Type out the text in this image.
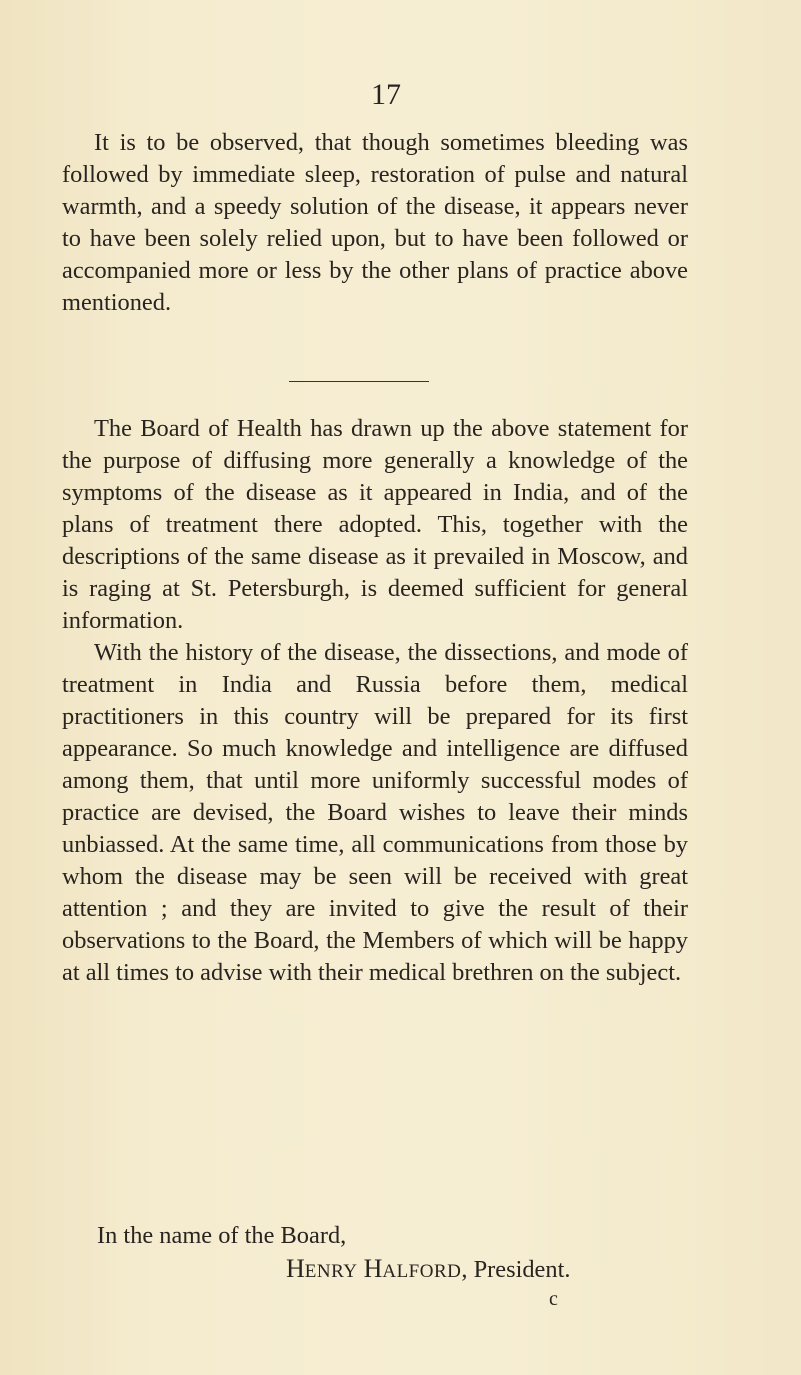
17

It is to be observed, that though sometimes bleeding was followed by immediate sleep, restoration of pulse and natural warmth, and a speedy solution of the disease, it appears never to have been solely relied upon, but to have been followed or accompanied more or less by the other plans of practice above mentioned.

The Board of Health has drawn up the above statement for the purpose of diffusing more generally a knowledge of the symptoms of the disease as it appeared in India, and of the plans of treatment there adopted. This, together with the descriptions of the same disease as it prevailed in Moscow, and is raging at St. Petersburgh, is deemed sufficient for general information.

With the history of the disease, the dissections, and mode of treatment in India and Russia before them, medical practitioners in this country will be prepared for its first appearance. So much knowledge and intelligence are diffused among them, that until more uniformly successful modes of practice are devised, the Board wishes to leave their minds unbiassed. At the same time, all communications from those by whom the disease may be seen will be received with great attention ; and they are invited to give the result of their observations to the Board, the Members of which will be happy at all times to advise with their medical brethren on the subject.

In the name of the Board,
HENRY HALFORD, President.
c
